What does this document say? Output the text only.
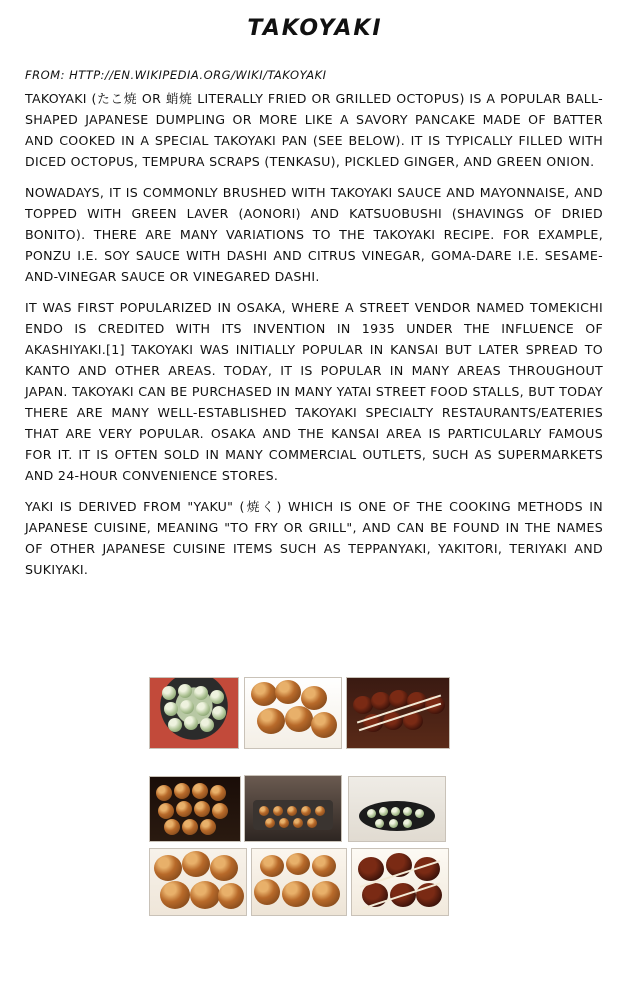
TAKOYAKI
FROM: HTTP://EN.WIKIPEDIA.ORG/WIKI/TAKOYAKI

TAKOYAKI (たこ焼 OR 蛸焼 LITERALLY FRIED OR GRILLED OCTOPUS) IS A POPULAR BALL-SHAPED JAPANESE DUMPLING OR MORE LIKE A SAVORY PANCAKE MADE OF BATTER AND COOKED IN A SPECIAL TAKOYAKI PAN (SEE BELOW). IT IS TYPICALLY FILLED WITH DICED OCTOPUS, TEMPURA SCRAPS (TENKASU), PICKLED GINGER, AND GREEN ONION.

NOWADAYS, IT IS COMMONLY BRUSHED WITH TAKOYAKI SAUCE AND MAYONNAISE, AND TOPPED WITH GREEN LAVER (AONORI) AND KATSUOBUSHI (SHAVINGS OF DRIED BONITO). THERE ARE MANY VARIATIONS TO THE TAKOYAKI RECIPE. FOR EXAMPLE, PONZU I.E. SOY SAUCE WITH DASHI AND CITRUS VINEGAR, GOMA-DARE I.E. SESAME-AND-VINEGAR SAUCE OR VINEGARED DASHI.

IT WAS FIRST POPULARIZED IN OSAKA, WHERE A STREET VENDOR NAMED TOMEKICHI ENDO IS CREDITED WITH ITS INVENTION IN 1935 UNDER THE INFLUENCE OF AKASHIYAKI.[1] TAKOYAKI WAS INITIALLY POPULAR IN KANSAI BUT LATER SPREAD TO KANTO AND OTHER AREAS. TODAY, IT IS POPULAR IN MANY AREAS THROUGHOUT JAPAN. TAKOYAKI CAN BE PURCHASED IN MANY YATAI STREET FOOD STALLS, BUT TODAY THERE ARE MANY WELL-ESTABLISHED TAKOYAKI SPECIALTY RESTAURANTS/EATERIES THAT ARE VERY POPULAR. OSAKA AND THE KANSAI AREA IS PARTICULARLY FAMOUS FOR IT. IT IS OFTEN SOLD IN MANY COMMERCIAL OUTLETS, SUCH AS SUPERMARKETS AND 24-HOUR CONVENIENCE STORES.

YAKI IS DERIVED FROM "YAKU" (焼く) WHICH IS ONE OF THE COOKING METHODS IN JAPANESE CUISINE, MEANING "TO FRY OR GRILL", AND CAN BE FOUND IN THE NAMES OF OTHER JAPANESE CUISINE ITEMS SUCH AS TEPPANYAKI, YAKITORI, TERIYAKI AND SUKIYAKI.
